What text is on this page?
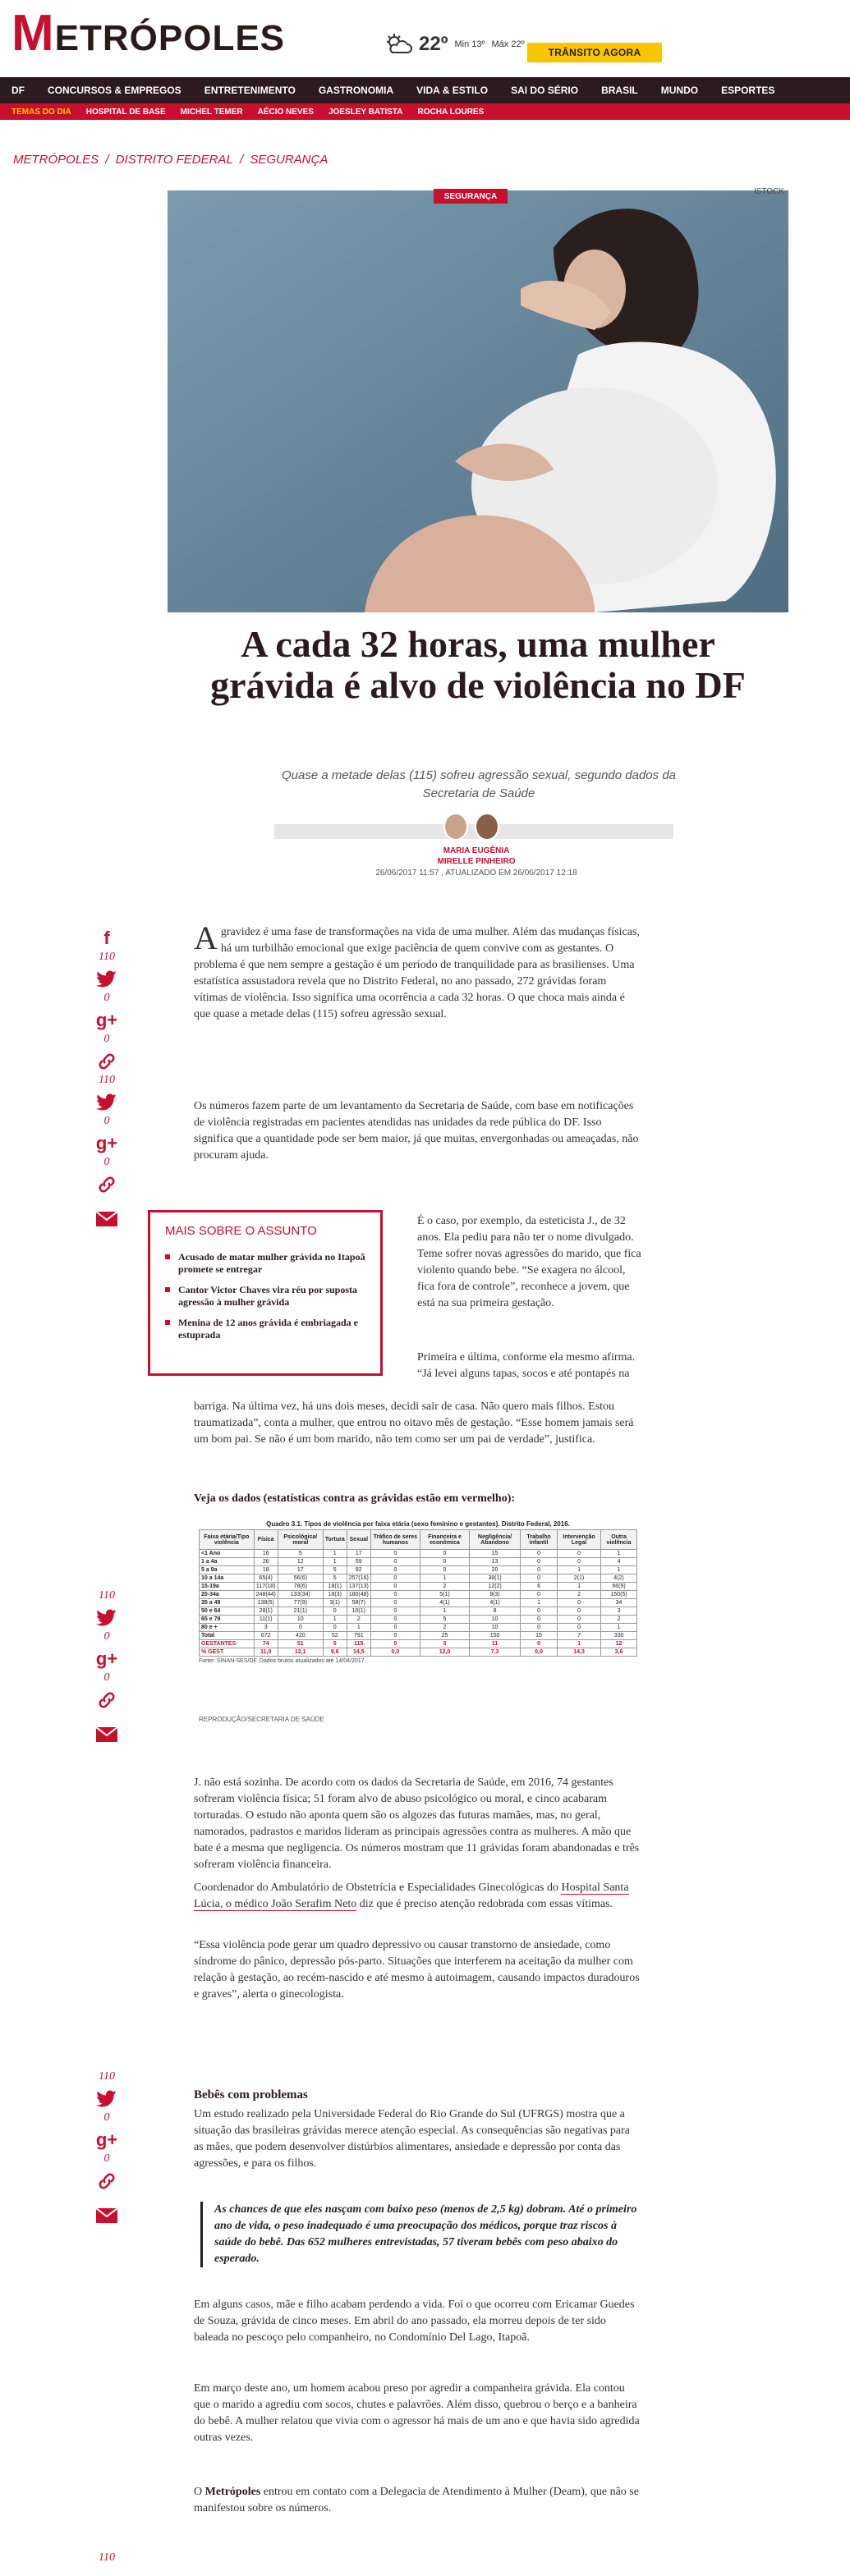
METRÓPOLES	22º Min 13º Máx 22º
TRÂNSITO AGORA
DF CONCURSOS & EMPREGOS ENTRETENIMENTO GASTRONOMIA VIDA & ESTILO SAI DO SÉRIO BRASIL MUNDO ESPORTES
TEMAS DO DIA HOSPITAL DE BASE MICHEL TEMER AÉCIO NEVES JOESLEY BATISTA ROCHA LOURES
METRÓPOLES / DISTRITO FEDERAL / SEGURANÇA
SEGURANÇA	ISTOCK
A cada 32 horas, uma mulher grávida é alvo de violência no DF

Quase a metade delas (115) sofreu agressão sexual, segundo dados da Secretaria de Saúde

MARIA EUGÊNIA
MIRELLE PINHEIRO
26/06/2017 11:57 , ATUALIZADO EM 26/06/2017 12:18
f
110
0
g+
0
110
0
g+
0
110
0
g+
0
110
0
g+
0
110
Agravidez é uma fase de transformações na vida de uma mulher. Além das mudanças físicas, há um turbilhão emocional que exige paciência de quem convive com as gestantes. O problema é que nem sempre a gestação é um período de tranquilidade para as brasilienses. Uma estatística assustadora revela que no Distrito Federal, no ano passado, 272 grávidas foram vítimas de violência. Isso significa uma ocorrência a cada 32 horas. O que choca mais ainda é que quase a metade delas (115) sofreu agressão sexual.
Os números fazem parte de um levantamento da Secretaria de Saúde, com base em notificações de violência registradas em pacientes atendidas nas unidades da rede pública do DF. Isso significa que a quantidade pode ser bem maior, já que muitas, envergonhadas ou ameaçadas, não procuram ajuda.
MAIS SOBRE O ASSUNTO
Acusado de matar mulher grávida no Itapoã promete se entregar
Cantor Victor Chaves vira réu por suposta agressão à mulher grávida
Menina de 12 anos grávida é embriagada e estuprada
É o caso, por exemplo, da esteticista J., de 32 anos. Ela pediu para não ter o nome divulgado. Teme sofrer novas agressões do marido, que fica violento quando bebe. “Se exagera no álcool, fica fora de controle”, reconhece a jovem, que está na sua primeira gestação.
Primeira e última, conforme ela mesmo afirma. “Já levei alguns tapas, socos e até pontapés na
barriga. Na última vez, há uns dois meses, decidi sair de casa. Não quero mais filhos. Estou traumatizada”, conta a mulher, que entrou no oitavo mês de gestação. “Esse homem jamais será um bom pai. Se não é um bom marido, não tem como ser um pai de verdade”, justifica.
Veja os dados (estatísticas contra as grávidas estão em vermelho):
Quadro 3.1. Tipos de violência por faixa etária (sexo feminino e gestantes). Distrito Federal, 2016.
Faixa etária/Tipo violência	Física	Psicológica/ moral	Tortura	Sexual	Tráfico de seres humanos	Financeira e econômica	Negligência/ Abandono	Trabalho infantil	Intervenção Legal	Outra violência
<1 Ano	16	5	1	17	0	0	15	0	0	1
1 a 4a	26	12	1	59	0	0	13	0	0	4
5 a 9a	18	17	5	82	0	0	20	0	1	1
10 a 14a	65(4)	56(6)	5	257(16)	0	1	38(1)	0	2(1)	4(2)
15-19a	117(18)	78(6)	18(1)	137(13)	0	2	12(2)	6	1	66(9)
20-34a	248(44)	133(34)	18(3)	180(48)	0	5(1)	9(3)	0	2	150(5)
35 a 49	138(5)	77(9)	3(1)	58(7)	0	4(1)	4(1)	1	0	34
50 e 64	28(1)	21(1)	0	10(1)	0	1	8	0	0	3
65 e 79	11(1)	10	1	2	0	5	10	0	0	2
80 e +	3	0	0	1	0	2	10	0	0	1
Total	672	420	52	791	0	25	150	15	7	330
GESTANTES	74	51	5	115	0	3	11	0	1	12
% GEST	11,0	12,1	9,6	14,5	0,0	12,0	7,3	0,0	14,3	3,6
Fonte: SINAN-SES/DF. Dados brutos atualizados até 14/04/2017.
REPRODUÇÃO/SECRETARIA DE SAÚDE
J. não está sozinha. De acordo com os dados da Secretaria de Saúde, em 2016, 74 gestantes sofreram violência física; 51 foram alvo de abuso psicológico ou moral, e cinco acabaram torturadas. O estudo não aponta quem são os algozes das futuras mamães, mas, no geral, namorados, padrastos e maridos lideram as principais agressões contra as mulheres. A mão que bate é a mesma que negligencia. Os números mostram que 11 grávidas foram abandonadas e três sofreram violência financeira.
Coordenador do Ambulatório de Obstetrícia e Especialidades Ginecológicas do Hospital Santa Lúcia, o médico João Serafim Neto diz que é preciso atenção redobrada com essas vítimas.
“Essa violência pode gerar um quadro depressivo ou causar transtorno de ansiedade, como síndrome do pânico, depressão pós-parto. Situações que interferem na aceitação da mulher com relação à gestação, ao recém-nascido e até mesmo à autoimagem, causando impactos duradouros e graves”, alerta o ginecologista.
Bebês com problemas
Um estudo realizado pela Universidade Federal do Rio Grande do Sul (UFRGS) mostra que a situação das brasileiras grávidas merece atenção especial. As consequências são negativas para as mães, que podem desenvolver distúrbios alimentares, ansiedade e depressão por conta das agressões, e para os filhos.
As chances de que eles nasçam com baixo peso (menos de 2,5 kg) dobram. Até o primeiro ano de vida, o peso inadequado é uma preocupação dos médicos, porque traz riscos à saúde do bebê. Das 652 mulheres entrevistadas, 57 tiveram bebês com peso abaixo do esperado.
Em alguns casos, mãe e filho acabam perdendo a vida. Foi o que ocorreu com Ericamar Guedes de Souza, grávida de cinco meses. Em abril do ano passado, ela morreu depois de ter sido baleada no pescoço pelo companheiro, no Condomínio Del Lago, Itapoã.
Em março deste ano, um homem acabou preso por agredir a companheira grávida. Ela contou que o marido a agrediu com socos, chutes e palavrões. Além disso, quebrou o berço e a banheira do bebê. A mulher relatou que vivia com o agressor há mais de um ano e que havia sido agredida outras vezes.
O Metrópoles entrou em contato com a Delegacia de Atendimento à Mulher (Deam), que não se manifestou sobre os números.
